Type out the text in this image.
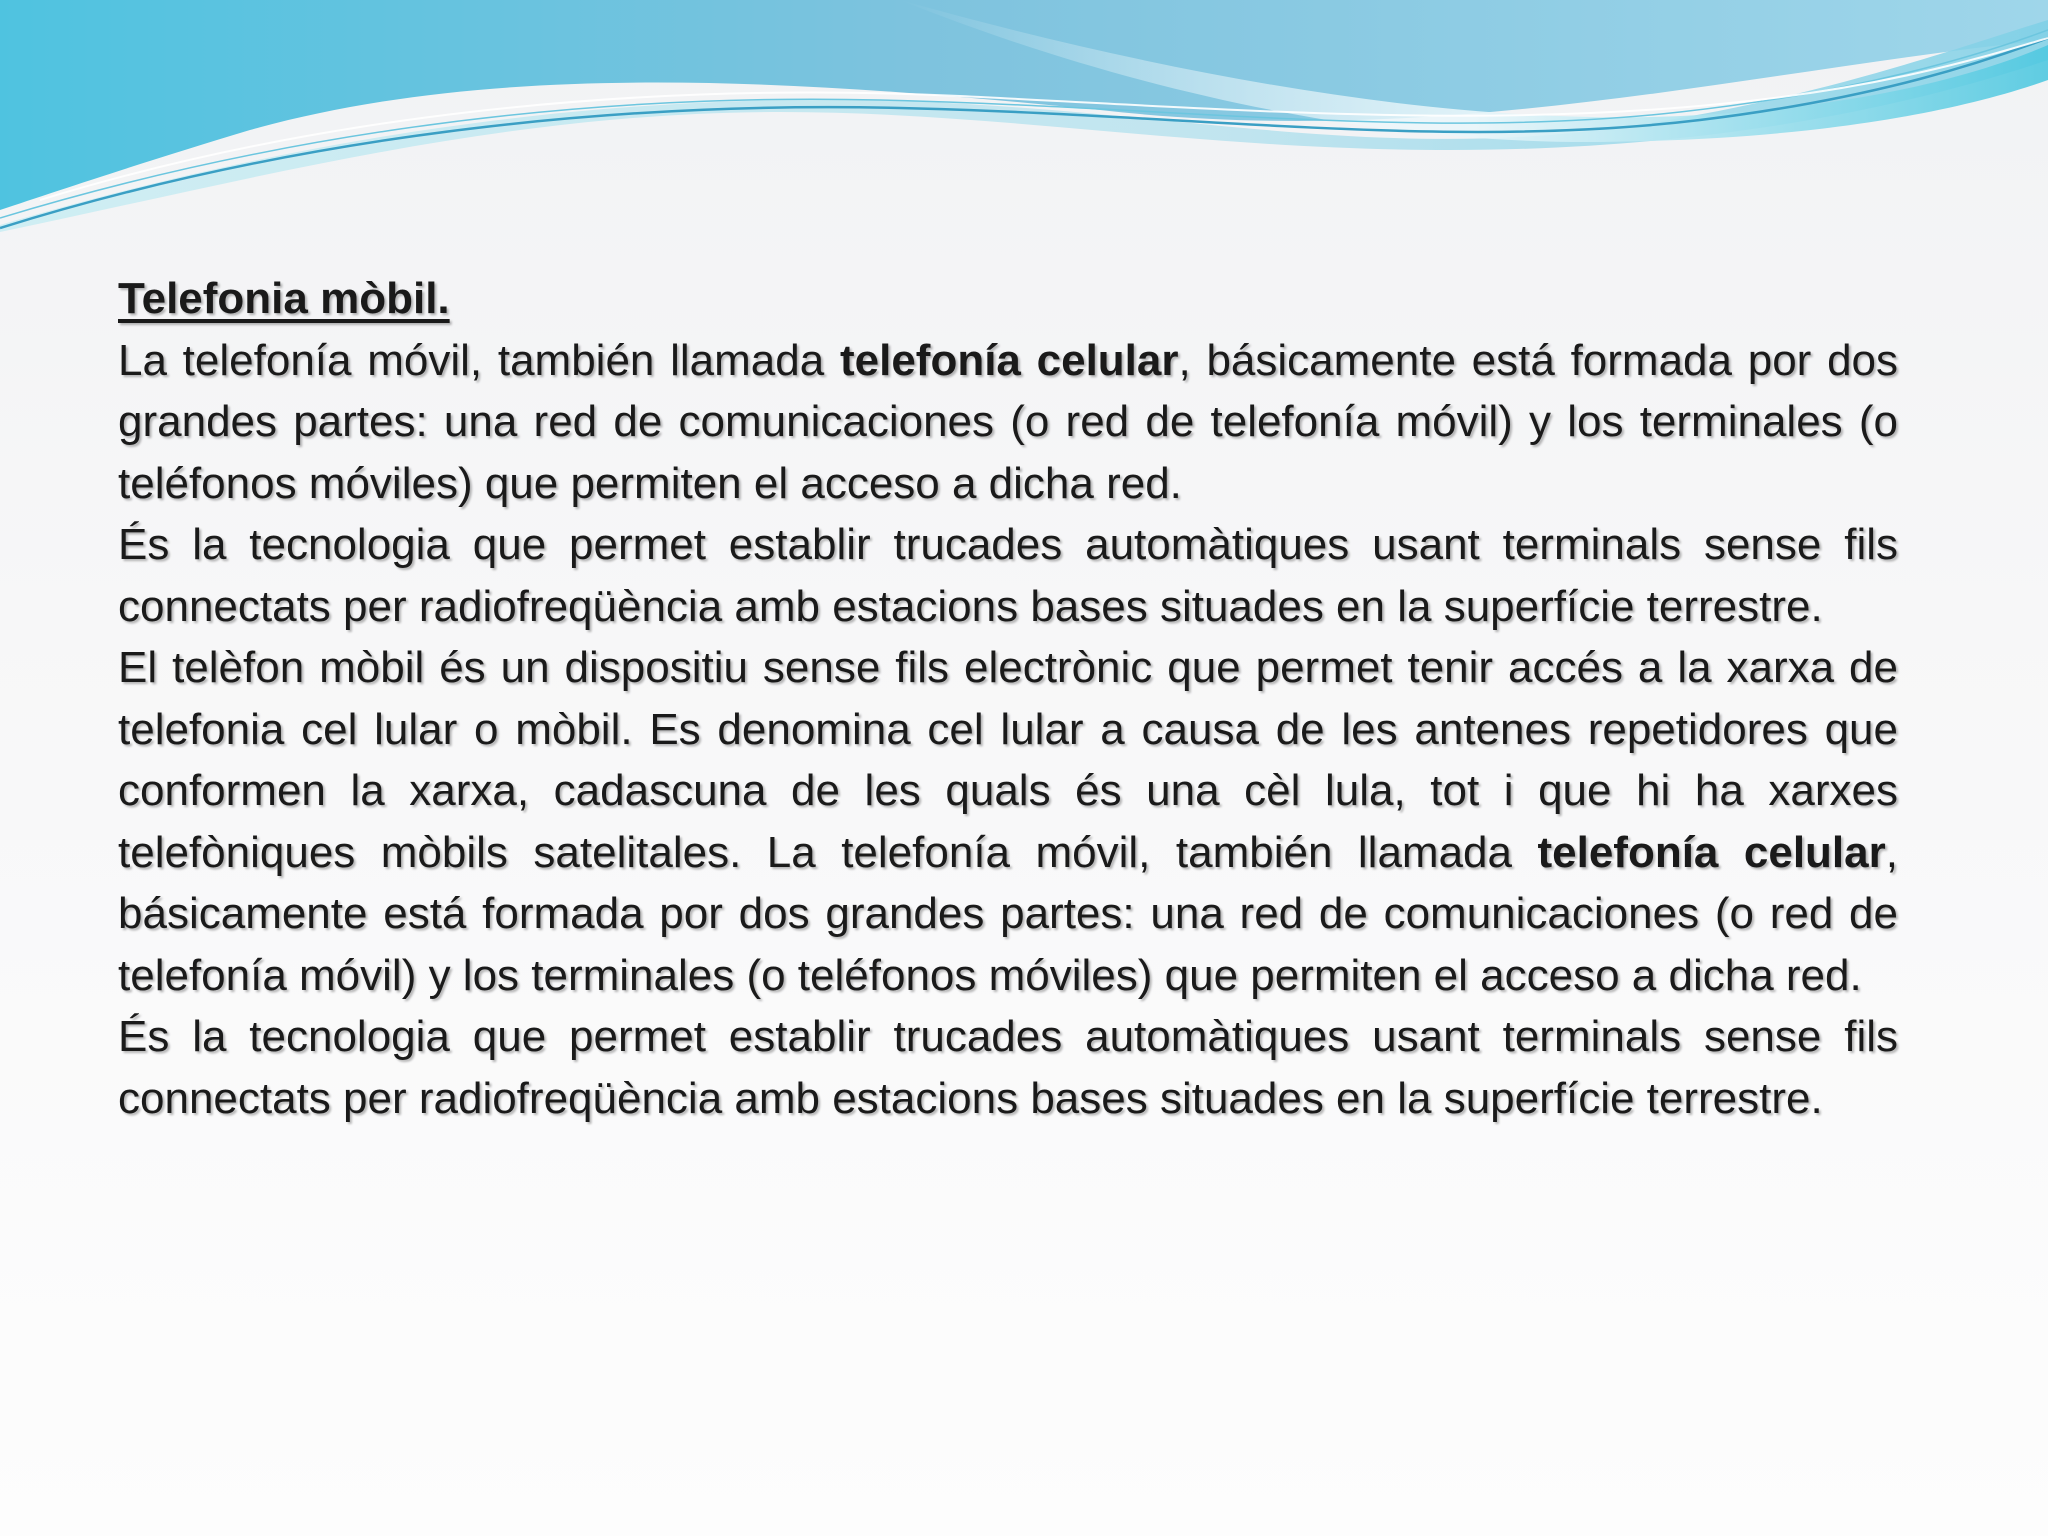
Telefonia mòbil.

La telefonía móvil, también llamada telefonía celular, básicamente está formada por dos grandes partes: una red de comunicaciones (o red de telefonía móvil) y los terminales (o teléfonos móviles) que permiten el acceso a dicha red.

És la tecnologia que permet establir trucades automàtiques usant terminals sense fils connectats per radiofreqüència amb estacions bases situades en la superfície terrestre.

El telèfon mòbil és un dispositiu sense fils electrònic que permet tenir accés a la xarxa de telefonia cel lular o mòbil. Es denomina cel lular a causa de les antenes repetidores que conformen la xarxa, cadascuna de les quals és una cèl lula, tot i que hi ha xarxes telefòniques mòbils satelitales. La telefonía móvil, también llamada telefonía celular, básicamente está formada por dos grandes partes: una red de comunicaciones (o red de telefonía móvil) y los terminales (o teléfonos móviles) que permiten el acceso a dicha red.

És la tecnologia que permet establir trucades automàtiques usant terminals sense fils connectats per radiofreqüència amb estacions bases situades en la superfície terrestre.
